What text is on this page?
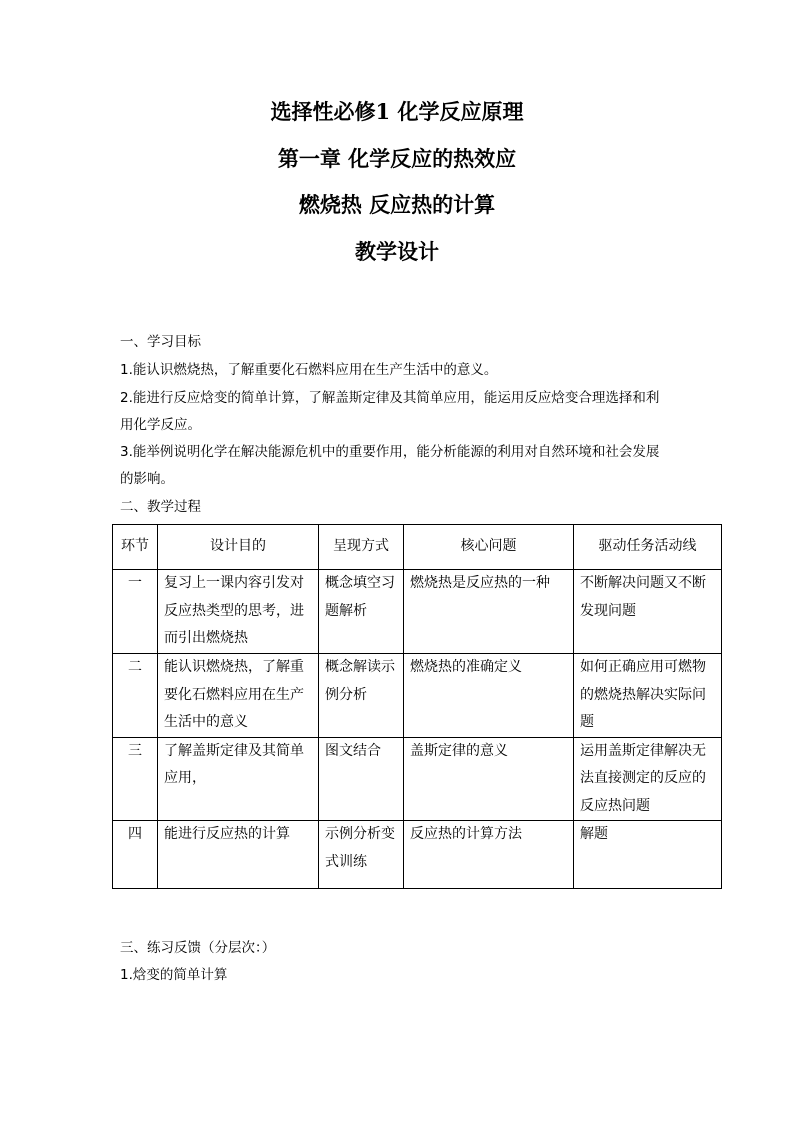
选择性必修1 化学反应原理
第一章 化学反应的热效应
燃烧热 反应热的计算
教学设计
一、学习目标
1.能认识燃烧热，了解重要化石燃料应用在生产生活中的意义。
2.能进行反应焓变的简单计算，了解盖斯定律及其简单应用，能运用反应焓变合理选择和利
用化学反应。
3.能举例说明化学在解决能源危机中的重要作用，能分析能源的利用对自然环境和社会发展
的影响。
二、教学过程
环节	设计目的	呈现方式	核心问题	驱动任务活动线
一	复习上一课内容引发对反应热类型的思考，进而引出燃烧热	概念填空习题解析	燃烧热是反应热的一种	不断解决问题又不断发现问题
二	能认识燃烧热，了解重要化石燃料应用在生产生活中的意义	概念解读示例分析	燃烧热的准确定义	如何正确应用可燃物的燃烧热解决实际问题
三	了解盖斯定律及其简单应用，	图文结合	盖斯定律的意义	运用盖斯定律解决无法直接测定的反应的反应热问题
四	能进行反应热的计算	示例分析变式训练	反应热的计算方法	解题
三、练习反馈（分层次：）
1.焓变的简单计算
